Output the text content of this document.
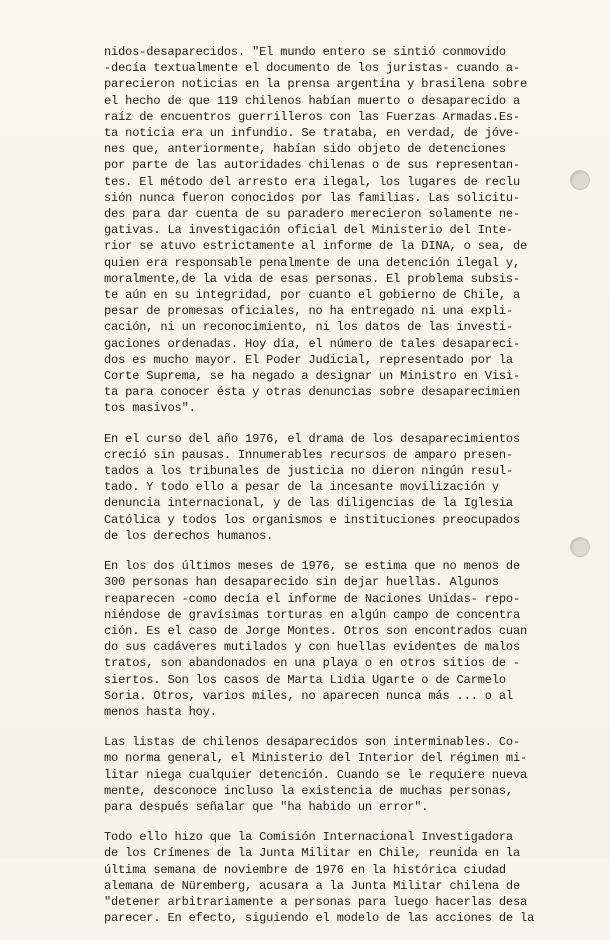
nidos-desaparecidos. "El mundo entero se sintió conmovido
-decía textualmente el documento de los juristas- cuando a-
parecieron noticias en la prensa argentina y brasilena sobre
el hecho de que 119 chilenos habían muerto o desaparecido a
raíz de encuentros guerrilleros con las Fuerzas Armadas.Es-
ta noticia era un infundio. Se trataba, en verdad, de jóve-
nes que, anteriormente, habían sido objeto de detenciones
por parte de las autoridades chilenas o de sus representan-
tes. El método del arresto era ilegal, los lugares de reclu
sión nunca fueron conocidos por las familias. Las solicitu-
des para dar cuenta de su paradero merecieron solamente ne-
gativas. La investigación oficial del Ministerio del Inte-
rior se atuvo estrictamente al informe de la DINA, o sea, de
quien era responsable penalmente de una detención ilegal y,
moralmente,de la vida de esas personas. El problema subsis-
te aún en su integridad, por cuanto el gobierno de Chile, a
pesar de promesas oficiales, no ha entregado ni una expli-
cación, ni un reconocimiento, ni los datos de las investi-
gaciones ordenadas. Hoy día, el número de tales desapareci-
dos es mucho mayor. El Poder Judicial, representado por la
Corte Suprema, se ha negado a designar un Ministro en Visi-
ta para conocer ésta y otras denuncias sobre desaparecimien
tos masivos".
En el curso del año 1976, el drama de los desaparecimientos
creció sin pausas. Innumerables recursos de amparo presen-
tados a los tribunales de justicia no dieron ningún resul-
tado. Y todo ello a pesar de la incesante movilización y
denuncia internacional, y de las diligencias de la Iglesia
Católica y todos los organismos e instituciones preocupados
de los derechos humanos.
En los dos últimos meses de 1976, se estima que no menos de
300 personas han desaparecido sin dejar huellas. Algunos
reaparecen -como decía el informe de Naciones Unidas- repo-
niéndose de gravísimas torturas en algún campo de concentra
ción. Es el caso de Jorge Montes. Otros son encontrados cuan
do sus cadáveres mutilados y con huellas evidentes de malos
tratos, son abandonados en una playa o en otros sitios de -
siertos. Son los casos de Marta Lidia Ugarte o de Carmelo
Soria. Otros, varios miles, no aparecen nunca más ... o al
menos hasta hoy.
Las listas de chilenos desaparecidos son interminables. Co-
mo norma general, el Ministerio del Interior del régimen mi-
litar niega cualquier detención. Cuando se le requiere nueva
mente, desconoce incluso la existencia de muchas personas,
para después señalar que "ha habido un error".
Todo ello hizo que la Comisión Internacional Investigadora
de los Crímenes de la Junta Militar en Chile, reunida en la
última semana de noviembre de 1976 en la histórica ciudad
alemana de Nüremberg, acusara a la Junta Militar chilena de
"detener arbitrariamente a personas para luego hacerlas desa
parecer. En efecto, siguiendo el modelo de las acciones de la
